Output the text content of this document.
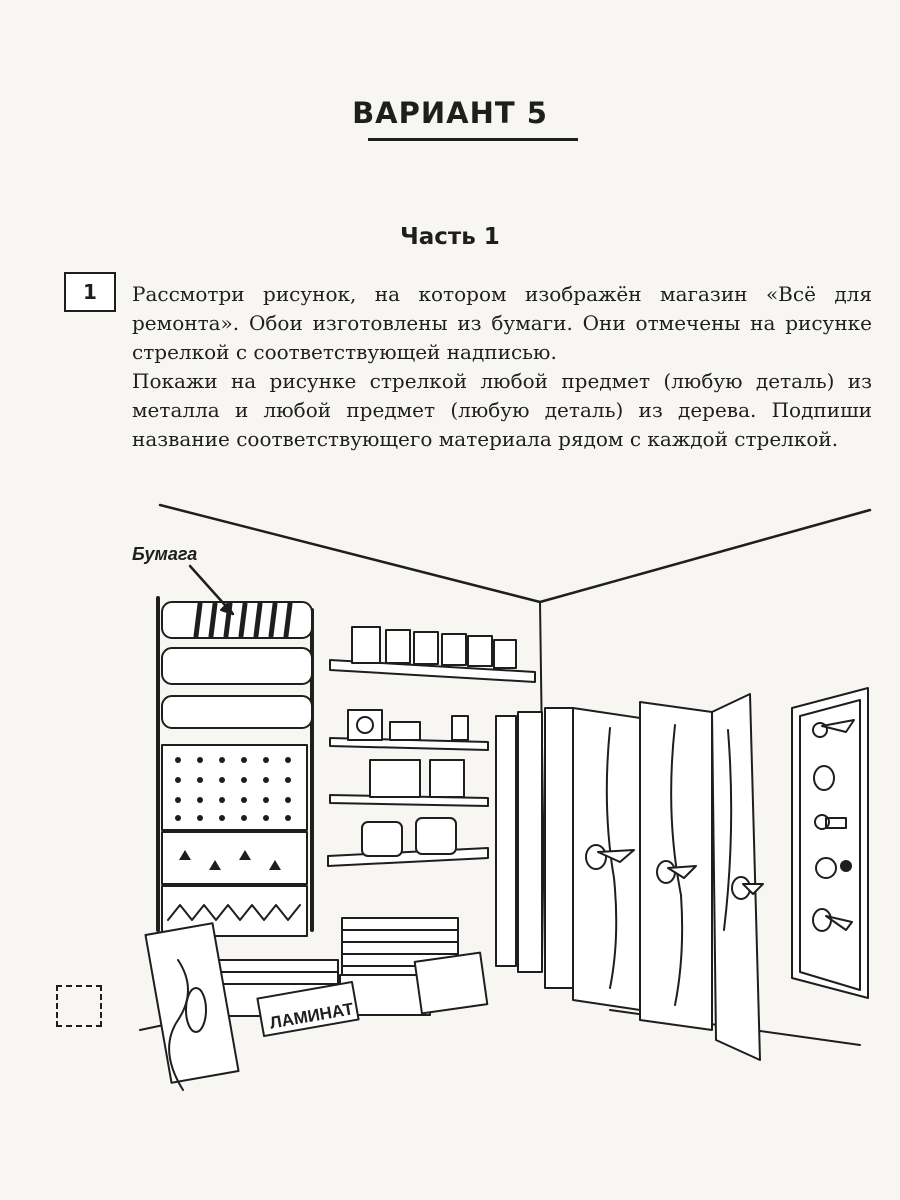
ВАРИАНТ 5
Часть 1
1 Рассмотри рисунок, на котором изображён магазин «Всё для ремонта». Обои изготовлены из бумаги. Они отмечены на рисунке стрелкой с соответствующей надписью.

Покажи на рисунке стрелкой любой предмет (любую деталь) из металла и любой предмет (любую деталь) из дерева. Подпиши название соответствующего материала рядом с каждой стрелкой.

Бумага
ЛАМИНАТ
